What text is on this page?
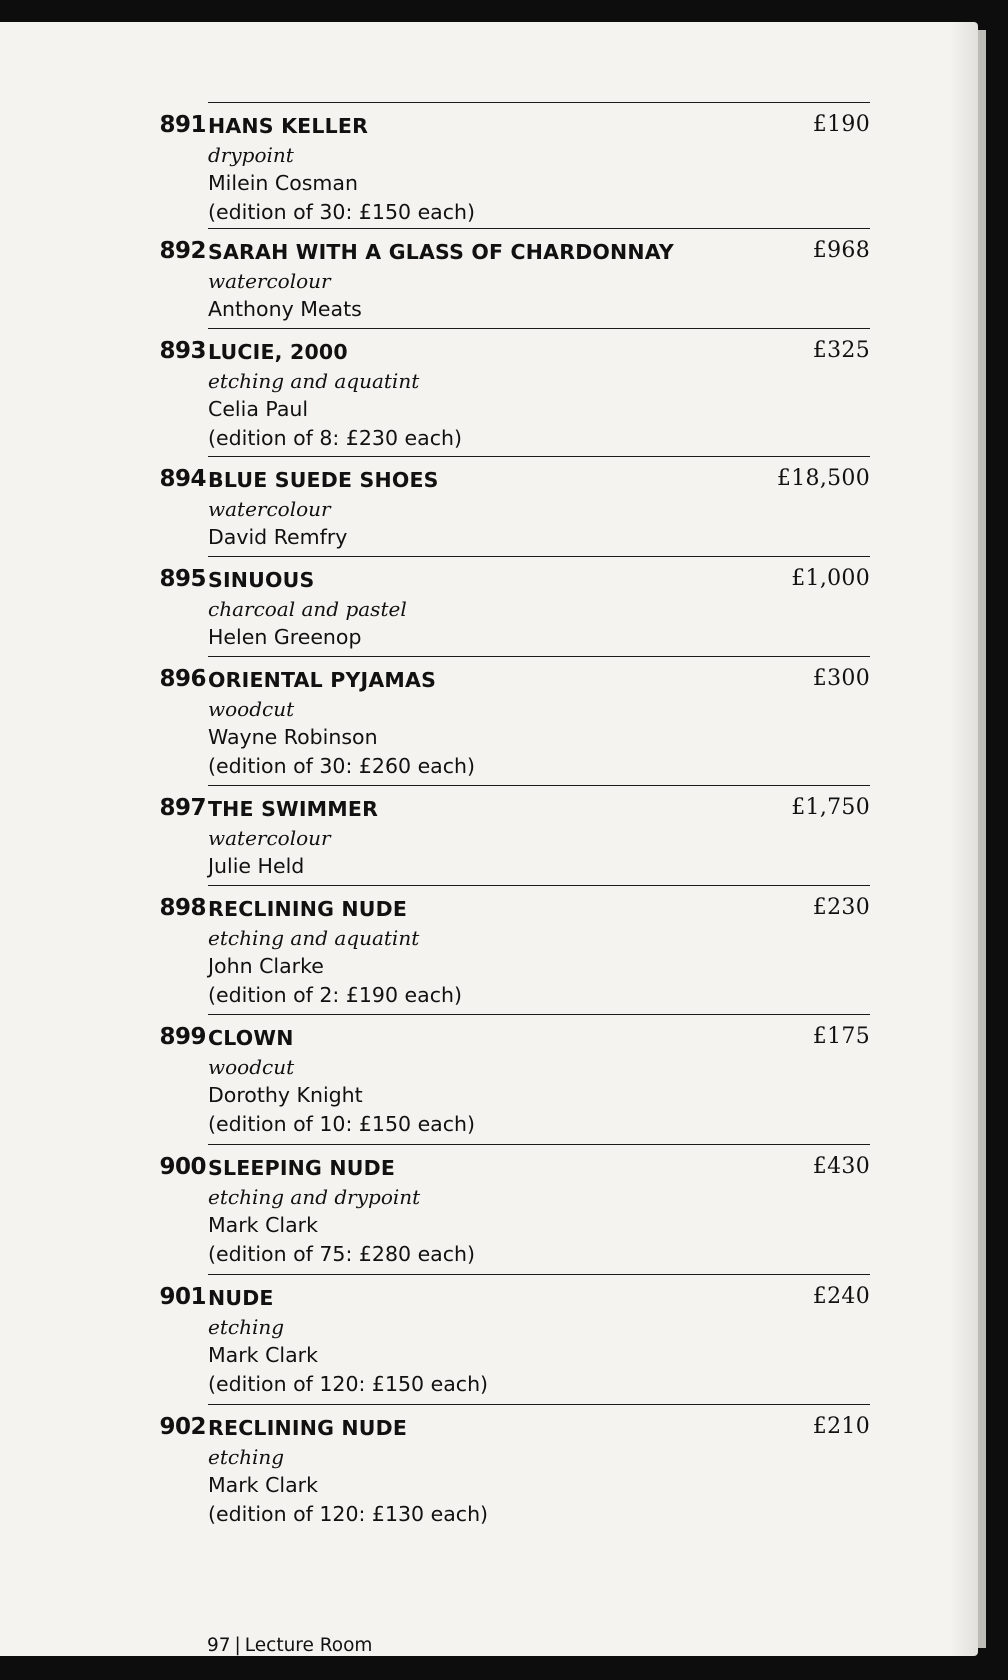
891 HANS KELLER
drypoint
Milein Cosman
(edition of 30: £150 each)
£190
892 SARAH WITH A GLASS OF CHARDONNAY
watercolour
Anthony Meats
£968
893 LUCIE, 2000
etching and aquatint
Celia Paul
(edition of 8: £230 each)
£325
894 BLUE SUEDE SHOES
watercolour
David Remfry
£18,500
895 SINUOUS
charcoal and pastel
Helen Greenop
£1,000
896 ORIENTAL PYJAMAS
woodcut
Wayne Robinson
(edition of 30: £260 each)
£300
897 THE SWIMMER
watercolour
Julie Held
£1,750
898 RECLINING NUDE
etching and aquatint
John Clarke
(edition of 2: £190 each)
£230
899 CLOWN
woodcut
Dorothy Knight
(edition of 10: £150 each)
£175
900 SLEEPING NUDE
etching and drypoint
Mark Clark
(edition of 75: £280 each)
£430
901 NUDE
etching
Mark Clark
(edition of 120: £150 each)
£240
902 RECLINING NUDE
etching
Mark Clark
(edition of 120: £130 each)
£210
97 | Lecture Room
